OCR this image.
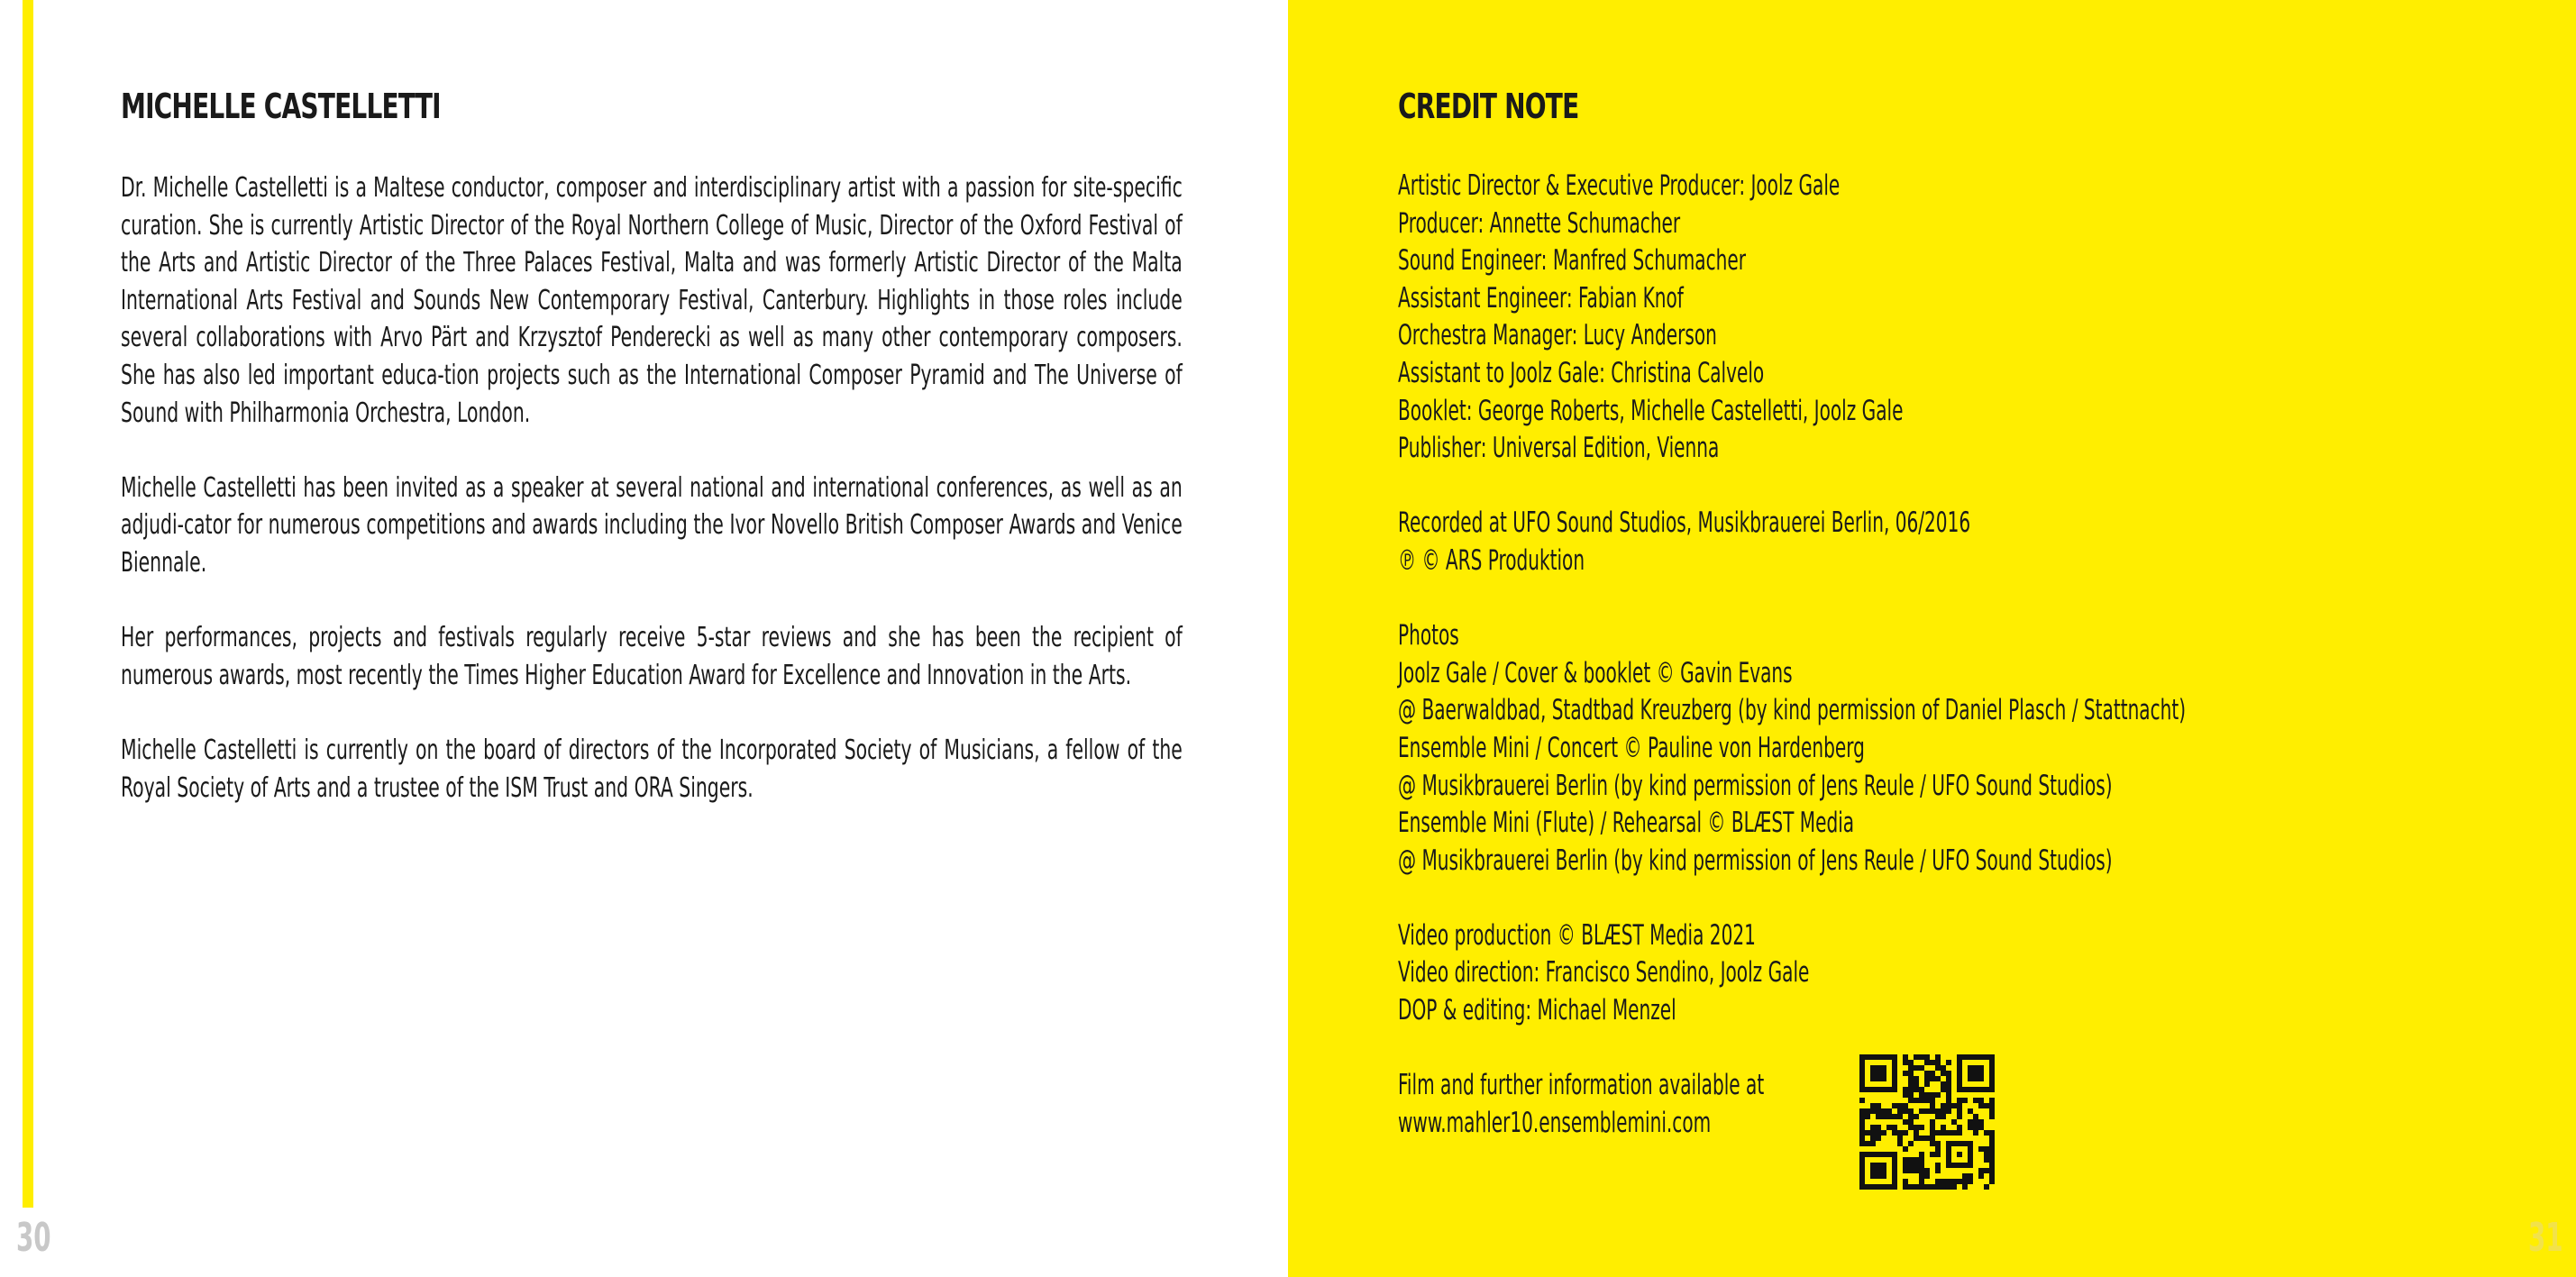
MICHELLE CASTELLETTI

Dr. Michelle Castelletti is a Maltese conductor, composer and interdisciplinary artist with a passion for site-specific curation. She is currently Artistic Director of the Royal Northern College of Music, Director of the Oxford Festival of the Arts and Artistic Director of the Three Palaces Festival, Malta and was formerly Artistic Director of the Malta International Arts Festival and Sounds New Contemporary Festival, Canterbury. Highlights in those roles include several collaborations with Arvo Pärt and Krzysztof Penderecki as well as many other contemporary composers. She has also led important educa-tion projects such as the International Composer Pyramid and The Universe of Sound with Philharmonia Orchestra, London.

Michelle Castelletti has been invited as a speaker at several national and international conferences, as well as an adjudi-cator for numerous competitions and awards including the Ivor Novello British Composer Awards and Venice Biennale.

Her performances, projects and festivals regularly receive 5-star reviews and she has been the recipient of numerous awards, most recently the Times Higher Education Award for Excellence and Innovation in the Arts.

Michelle Castelletti is currently on the board of directors of the Incorporated Society of Musicians, a fellow of the Royal Society of Arts and a trustee of the ISM Trust and ORA Singers.

CREDIT NOTE
Artistic Director & Executive Producer: Joolz Gale
Producer: Annette Schumacher
Sound Engineer: Manfred Schumacher
Assistant Engineer: Fabian Knof
Orchestra Manager: Lucy Anderson
Assistant to Joolz Gale: Christina Calvelo
Booklet: George Roberts, Michelle Castelletti, Joolz Gale
Publisher: Universal Edition, Vienna
Recorded at UFO Sound Studios, Musikbrauerei Berlin, 06/2016
℗ © ARS Produktion
Photos
Joolz Gale / Cover & booklet © Gavin Evans
@ Baerwaldbad, Stadtbad Kreuzberg (by kind permission of Daniel Plasch / Stattnacht)
Ensemble Mini / Concert © Pauline von Hardenberg
@ Musikbrauerei Berlin (by kind permission of Jens Reule / UFO Sound Studios)
Ensemble Mini (Flute) / Rehearsal © BLÆST Media
@ Musikbrauerei Berlin (by kind permission of Jens Reule / UFO Sound Studios)
Video production © BLÆST Media 2021
Video direction: Francisco Sendino, Joolz Gale
DOP & editing: Michael Menzel
Film and further information available at
www.mahler10.ensemblemini.com
30	31
